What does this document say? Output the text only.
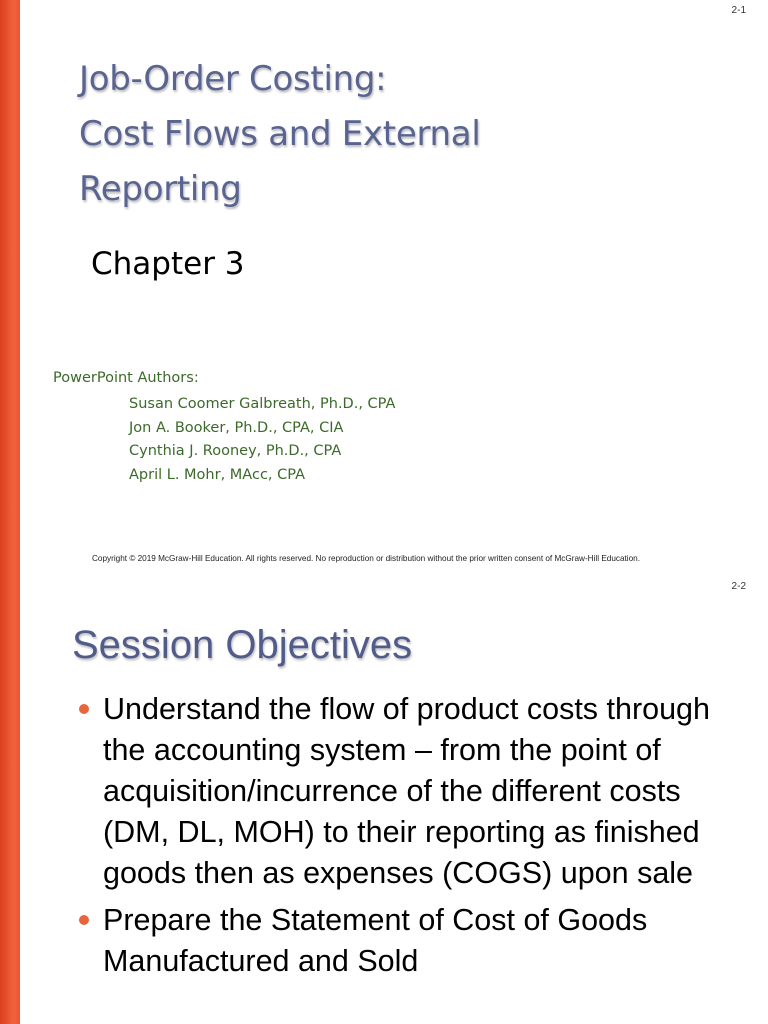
2-1
Job-Order Costing:
Cost Flows and External
Reporting
Chapter 3
PowerPoint Authors:
Susan Coomer Galbreath, Ph.D., CPA
Jon A. Booker, Ph.D., CPA, CIA
Cynthia J. Rooney, Ph.D., CPA
April L. Mohr, MAcc, CPA
Copyright © 2019 McGraw-Hill Education. All rights reserved. No reproduction or distribution without the prior written consent of McGraw-Hill Education.
2-2
Session Objectives
Understand the flow of product costs through the accounting system – from the point of acquisition/incurrence of the different costs (DM, DL, MOH) to their reporting as finished goods then as expenses (COGS) upon sale
Prepare the Statement of Cost of Goods Manufactured and Sold
